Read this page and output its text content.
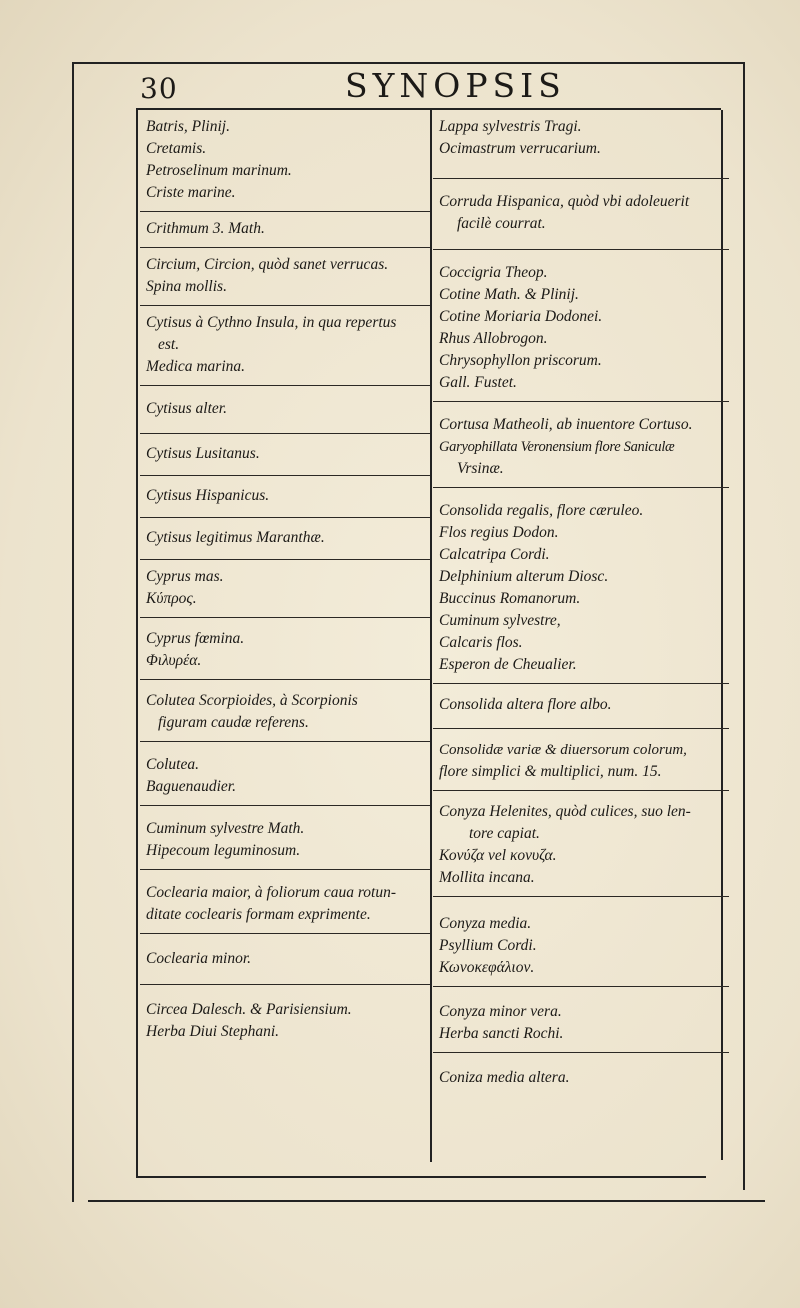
30	SYNOPSIS
Batris, Plinij.
Cretamis.
Petroselinum marinum.
Criste marine.
Crithmum 3. Math.
Circium, Circion, quòd sanet verrucas.
Spina mollis.
Cytisus à Cythno Insula, in qua repertus
est.
Medica marina.
Cytisus alter.
Cytisus Lusitanus.
Cytisus Hispanicus.
Cytisus legitimus Maranthæ.
Cyprus mas.
Κύπρος.
Cyprus fœmina.
Φιλυρέα.
Colutea Scorpioides, à Scorpionis
figuram caudæ referens.
Colutea.
Baguenaudier.
Cuminum sylvestre Math.
Hipecoum leguminosum.
Coclearia maior, à foliorum caua rotun-
ditate coclearis formam exprimente.
Coclearia minor.
Circea Dalesch. & Parisiensium.
Herba Diui Stephani.
Lappa sylvestris Tragi.
Ocimastrum verrucarium.
Corruda Hispanica, quòd vbi adoleuerit
facilè courrat.
Coccigria Theop.
Cotine Math. & Plinij.
Cotine Moriaria Dodonei.
Rhus Allobrogon.
Chrysophyllon priscorum.
Gall. Fustet.
Cortusa Matheoli, ab inuentore Cortuso.
Garyophillata Veronensium flore Saniculæ
Vrsinæ.
Consolida regalis, flore cæruleo.
Flos regius Dodon.
Calcatripa Cordi.
Delphinium alterum Diosc.
Buccinus Romanorum.
Cuminum sylvestre,
Calcaris flos.
Esperon de Cheualier.
Consolida altera flore albo.
Consolidæ variæ & diuersorum colorum,
flore simplici & multiplici, num. 15.
Conyza Helenites, quòd culices, suo len-
tore capiat.
Κονύζα vel κονυζα.
Mollita incana.
Conyza media.
Psyllium Cordi.
Κωνοκεφάλιον.
Conyza minor vera.
Herba sancti Rochi.
Coniza media altera.
